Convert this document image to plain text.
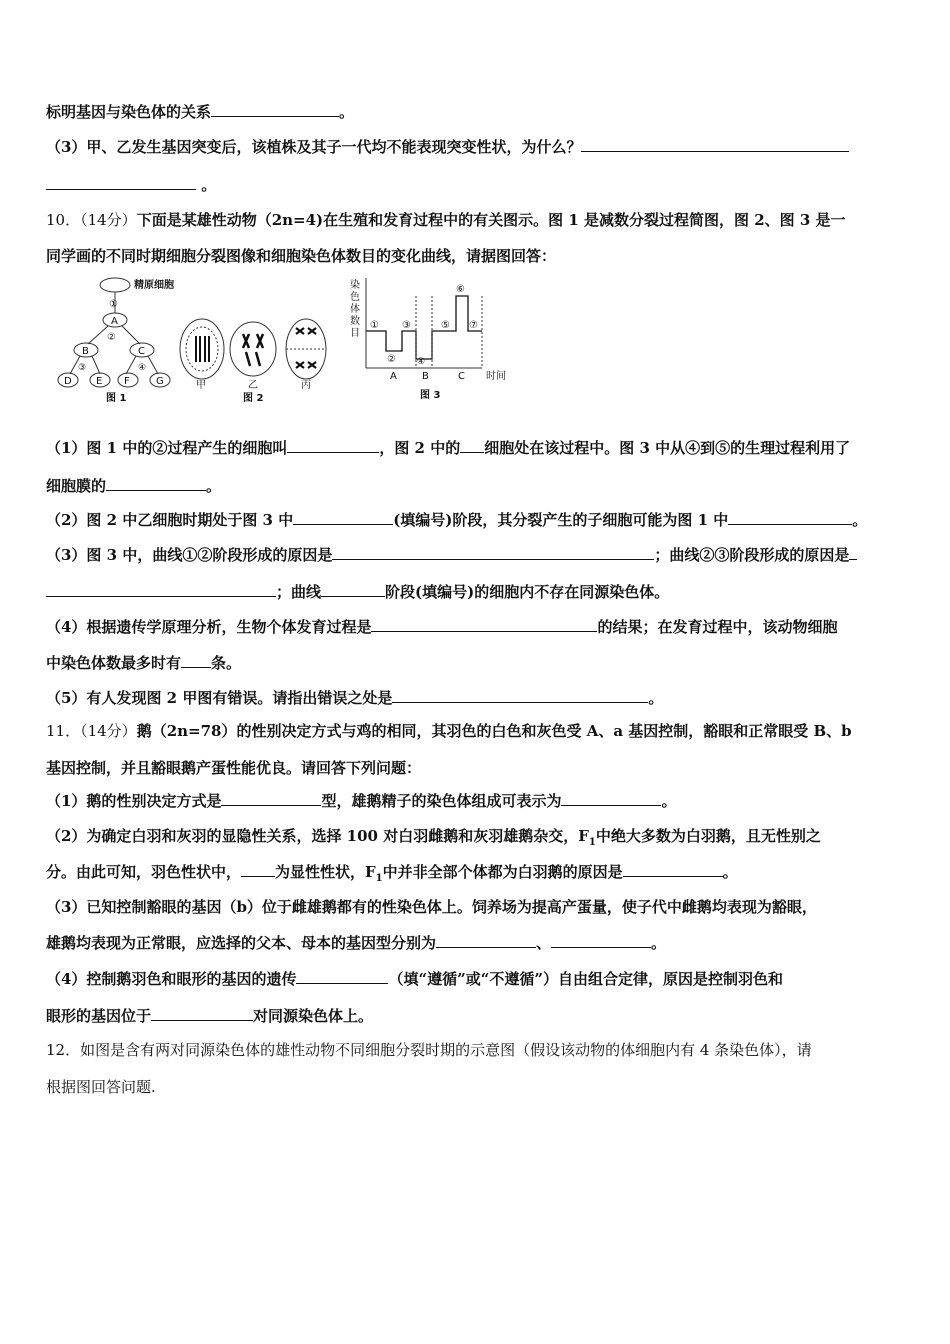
标明基因与染色体的关系	。
（3）甲、乙发生基因突变后，该植株及其子一代均不能表现突变性状，为什么？
。
10．（14分）下面是某雄性动物（2n=4)在生殖和发育过程中的有关图示。图 1 是减数分裂过程简图，图 2、图 3 是一
同学画的不同时期细胞分裂图像和细胞染色体数目的变化曲线，请据图回答：
精原细胞
①
A
②
B	C
③	④
D E F	G
图 1
甲	乙	丙
图 2
染
色
体
数
目
①
②
③
④
⑤
⑥
⑦
A	B	C 时间
图 3
（1）图 1 中的②过程产生的细胞叫	，图 2 中的 细胞处在该过程中。图 3 中从④到⑤的生理过程利用了
细胞膜的	。
（2）图 2 中乙细胞时期处于图 3 中	(填编号)阶段，其分裂产生的子细胞可能为图 1 中	。
（3）图 3 中，曲线①②阶段形成的原因是	；曲线②③阶段形成的原因是
；曲线	阶段(填编号)的细胞内不存在同源染色体。
（4）根据遗传学原理分析，生物个体发育过程是	的结果；在发育过程中，该动物细胞
中染色体数最多时有 条。
（5）有人发现图 2 甲图有错误。请指出错误之处是	。
11．（14分）鹅（2n=78）的性别决定方式与鸡的相同，其羽色的白色和灰色受 A、a 基因控制，豁眼和正常眼受 B、b
基因控制，并且豁眼鹅产蛋性能优良。请回答下列问题：
（1）鹅的性别决定方式是	型，雄鹅精子的染色体组成可表示为	。
（2）为确定白羽和灰羽的显隐性关系，选择 100 对白羽雌鹅和灰羽雄鹅杂交，$F_1$中绝大多数为白羽鹅，且无性别之
分。由此可知，羽色性状中， 为显性性状，$F_1$中并非全部个体都为白羽鹅的原因是	。
（3）已知控制豁眼的基因（b）位于雌雄鹅都有的性染色体上。饲养场为提高产蛋量，使子代中雌鹅均表现为豁眼，
雄鹅均表现为正常眼，应选择的父本、母本的基因型分别为	、	。
（4）控制鹅羽色和眼形的基因的遗传	（填“遵循”或“不遵循”）自由组合定律，原因是控制羽色和
眼形的基因位于	对同源染色体上。
12．如图是含有两对同源染色体的雄性动物不同细胞分裂时期的示意图（假设该动物的体细胞内有 4 条染色体），请
根据图回答问题.
